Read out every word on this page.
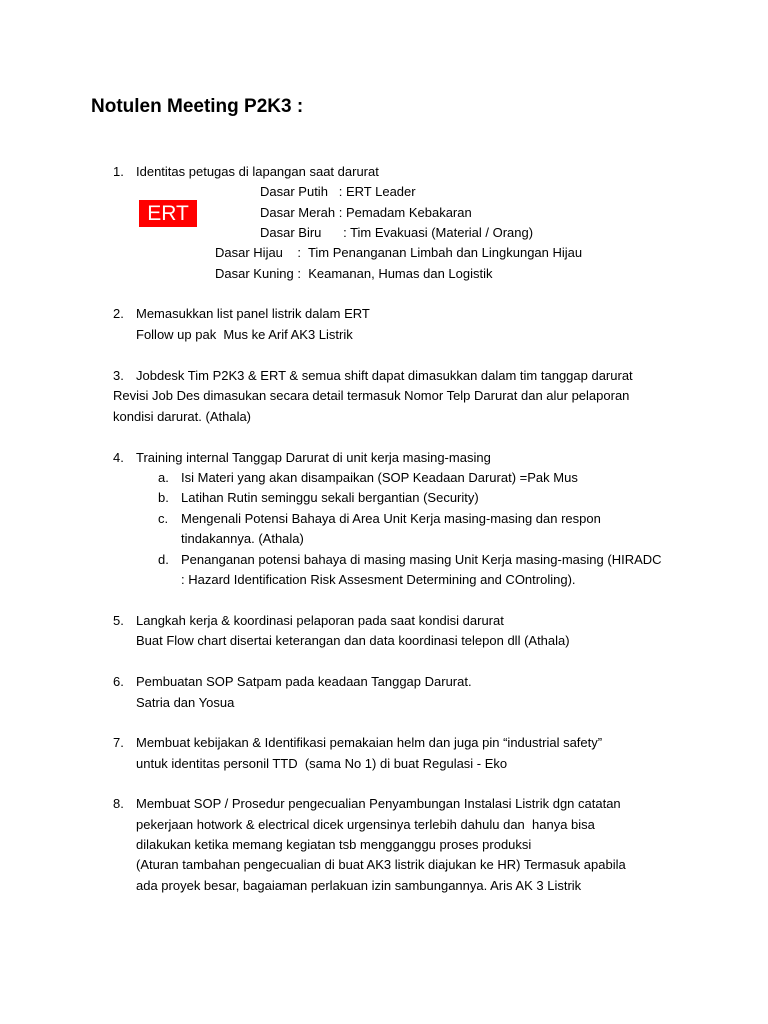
Notulen Meeting P2K3 :
1. Identitas petugas di lapangan saat darurat
ERT
Dasar Putih   : ERT Leader
Dasar Merah : Pemadam Kebakaran
Dasar Biru      : Tim Evakuasi (Material / Orang)
Dasar Hijau    :  Tim Penanganan Limbah dan Lingkungan Hijau
Dasar Kuning :  Keamanan, Humas dan Logistik
2. Memasukkan list panel listrik dalam ERT
Follow up pak  Mus ke Arif AK3 Listrik
3. Jobdesk Tim P2K3 & ERT & semua shift dapat dimasukkan dalam tim tanggap darurat
Revisi Job Des dimasukan secara detail termasuk Nomor Telp Darurat dan alur pelaporan
kondisi darurat. (Athala)
4. Training internal Tanggap Darurat di unit kerja masing-masing
a. Isi Materi yang akan disampaikan (SOP Keadaan Darurat) =Pak Mus
b. Latihan Rutin seminggu sekali bergantian (Security)
c. Mengenali Potensi Bahaya di Area Unit Kerja masing-masing dan respon
tindakannya. (Athala)
d. Penanganan potensi bahaya di masing masing Unit Kerja masing-masing (HIRADC
: Hazard Identification Risk Assesment Determining and COntroling).
5. Langkah kerja & koordinasi pelaporan pada saat kondisi darurat
Buat Flow chart disertai keterangan dan data koordinasi telepon dll (Athala)
6. Pembuatan SOP Satpam pada keadaan Tanggap Darurat.
Satria dan Yosua
7. Membuat kebijakan & Identifikasi pemakaian helm dan juga pin “industrial safety”
untuk identitas personil TTD  (sama No 1) di buat Regulasi - Eko
8. Membuat SOP / Prosedur pengecualian Penyambungan Instalasi Listrik dgn catatan
pekerjaan hotwork & electrical dicek urgensinya terlebih dahulu dan  hanya bisa
dilakukan ketika memang kegiatan tsb mengganggu proses produksi
(Aturan tambahan pengecualian di buat AK3 listrik diajukan ke HR) Termasuk apabila
ada proyek besar, bagaiaman perlakuan izin sambungannya. Aris AK 3 Listrik
